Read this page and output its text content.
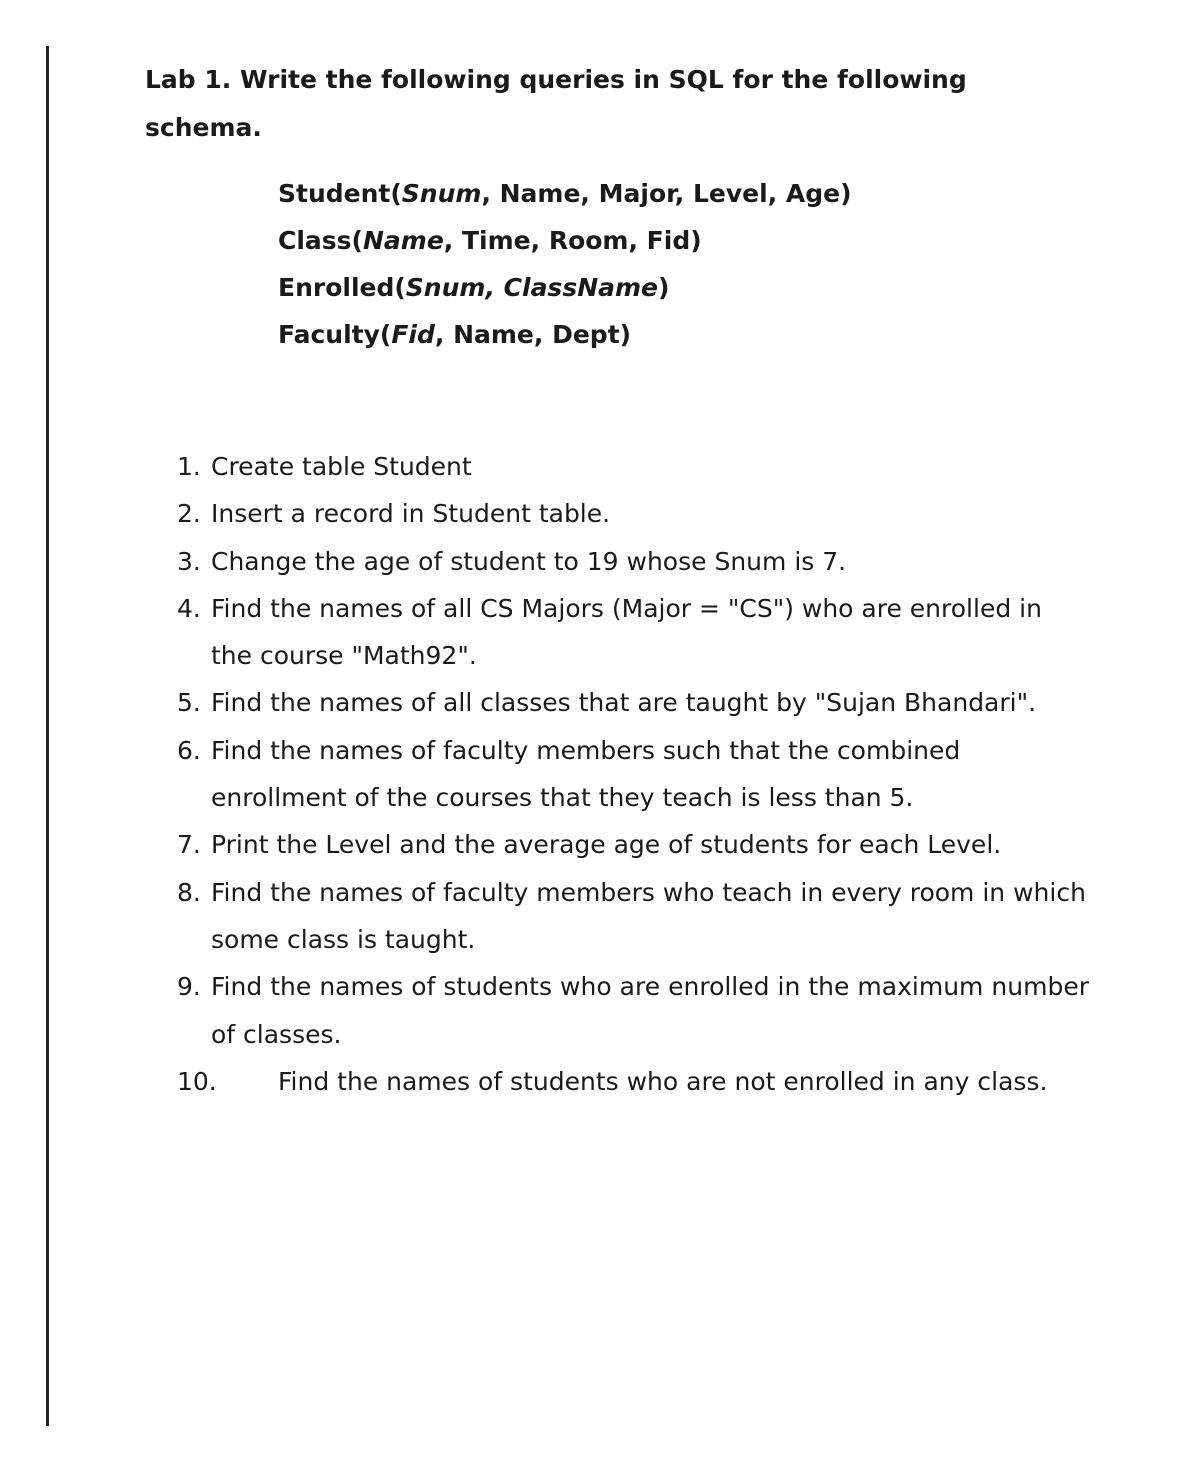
Lab 1. Write the following queries in SQL for the following schema.
Student(Snum, Name, Major, Level, Age)
Class(Name, Time, Room, Fid)
Enrolled(Snum, ClassName)
Faculty(Fid, Name, Dept)
1. Create table Student
2. Insert a record in Student table.
3. Change the age of student to 19 whose Snum is 7.
4. Find the names of all CS Majors (Major = "CS") who are enrolled in the course "Math92".
5. Find the names of all classes that are taught by "Sujan Bhandari".
6. Find the names of faculty members such that the combined enrollment of the courses that they teach is less than 5.
7. Print the Level and the average age of students for each Level.
8. Find the names of faculty members who teach in every room in which some class is taught.
9. Find the names of students who are enrolled in the maximum number of classes.
10. Find the names of students who are not enrolled in any class.
